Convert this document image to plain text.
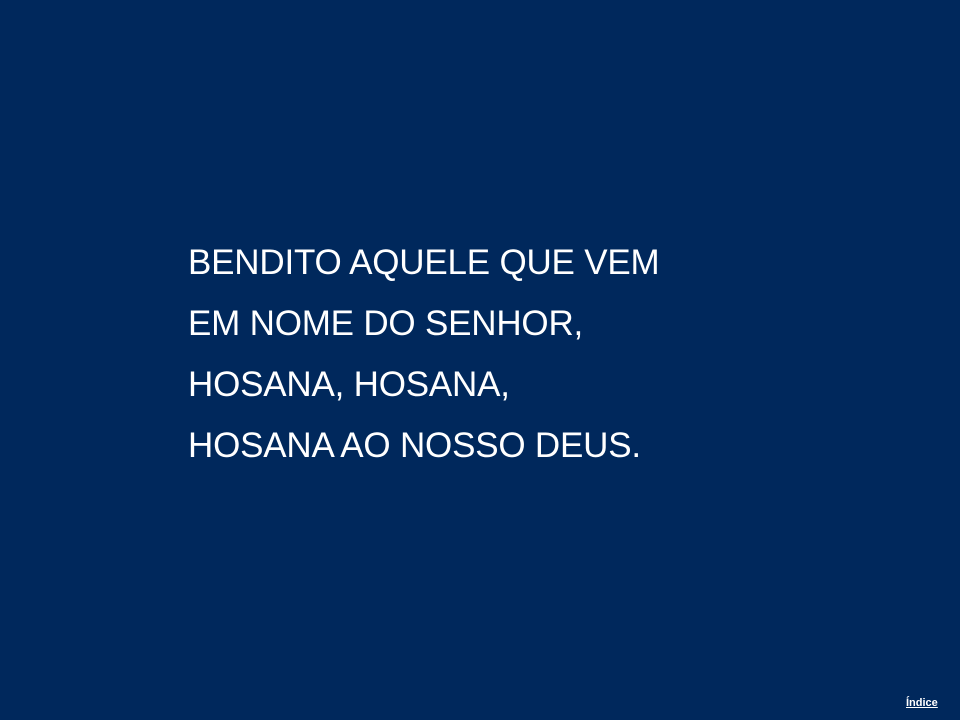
BENDITO AQUELE QUE VEM
EM NOME DO SENHOR,
HOSANA, HOSANA,
HOSANA AO NOSSO DEUS.
Índice
